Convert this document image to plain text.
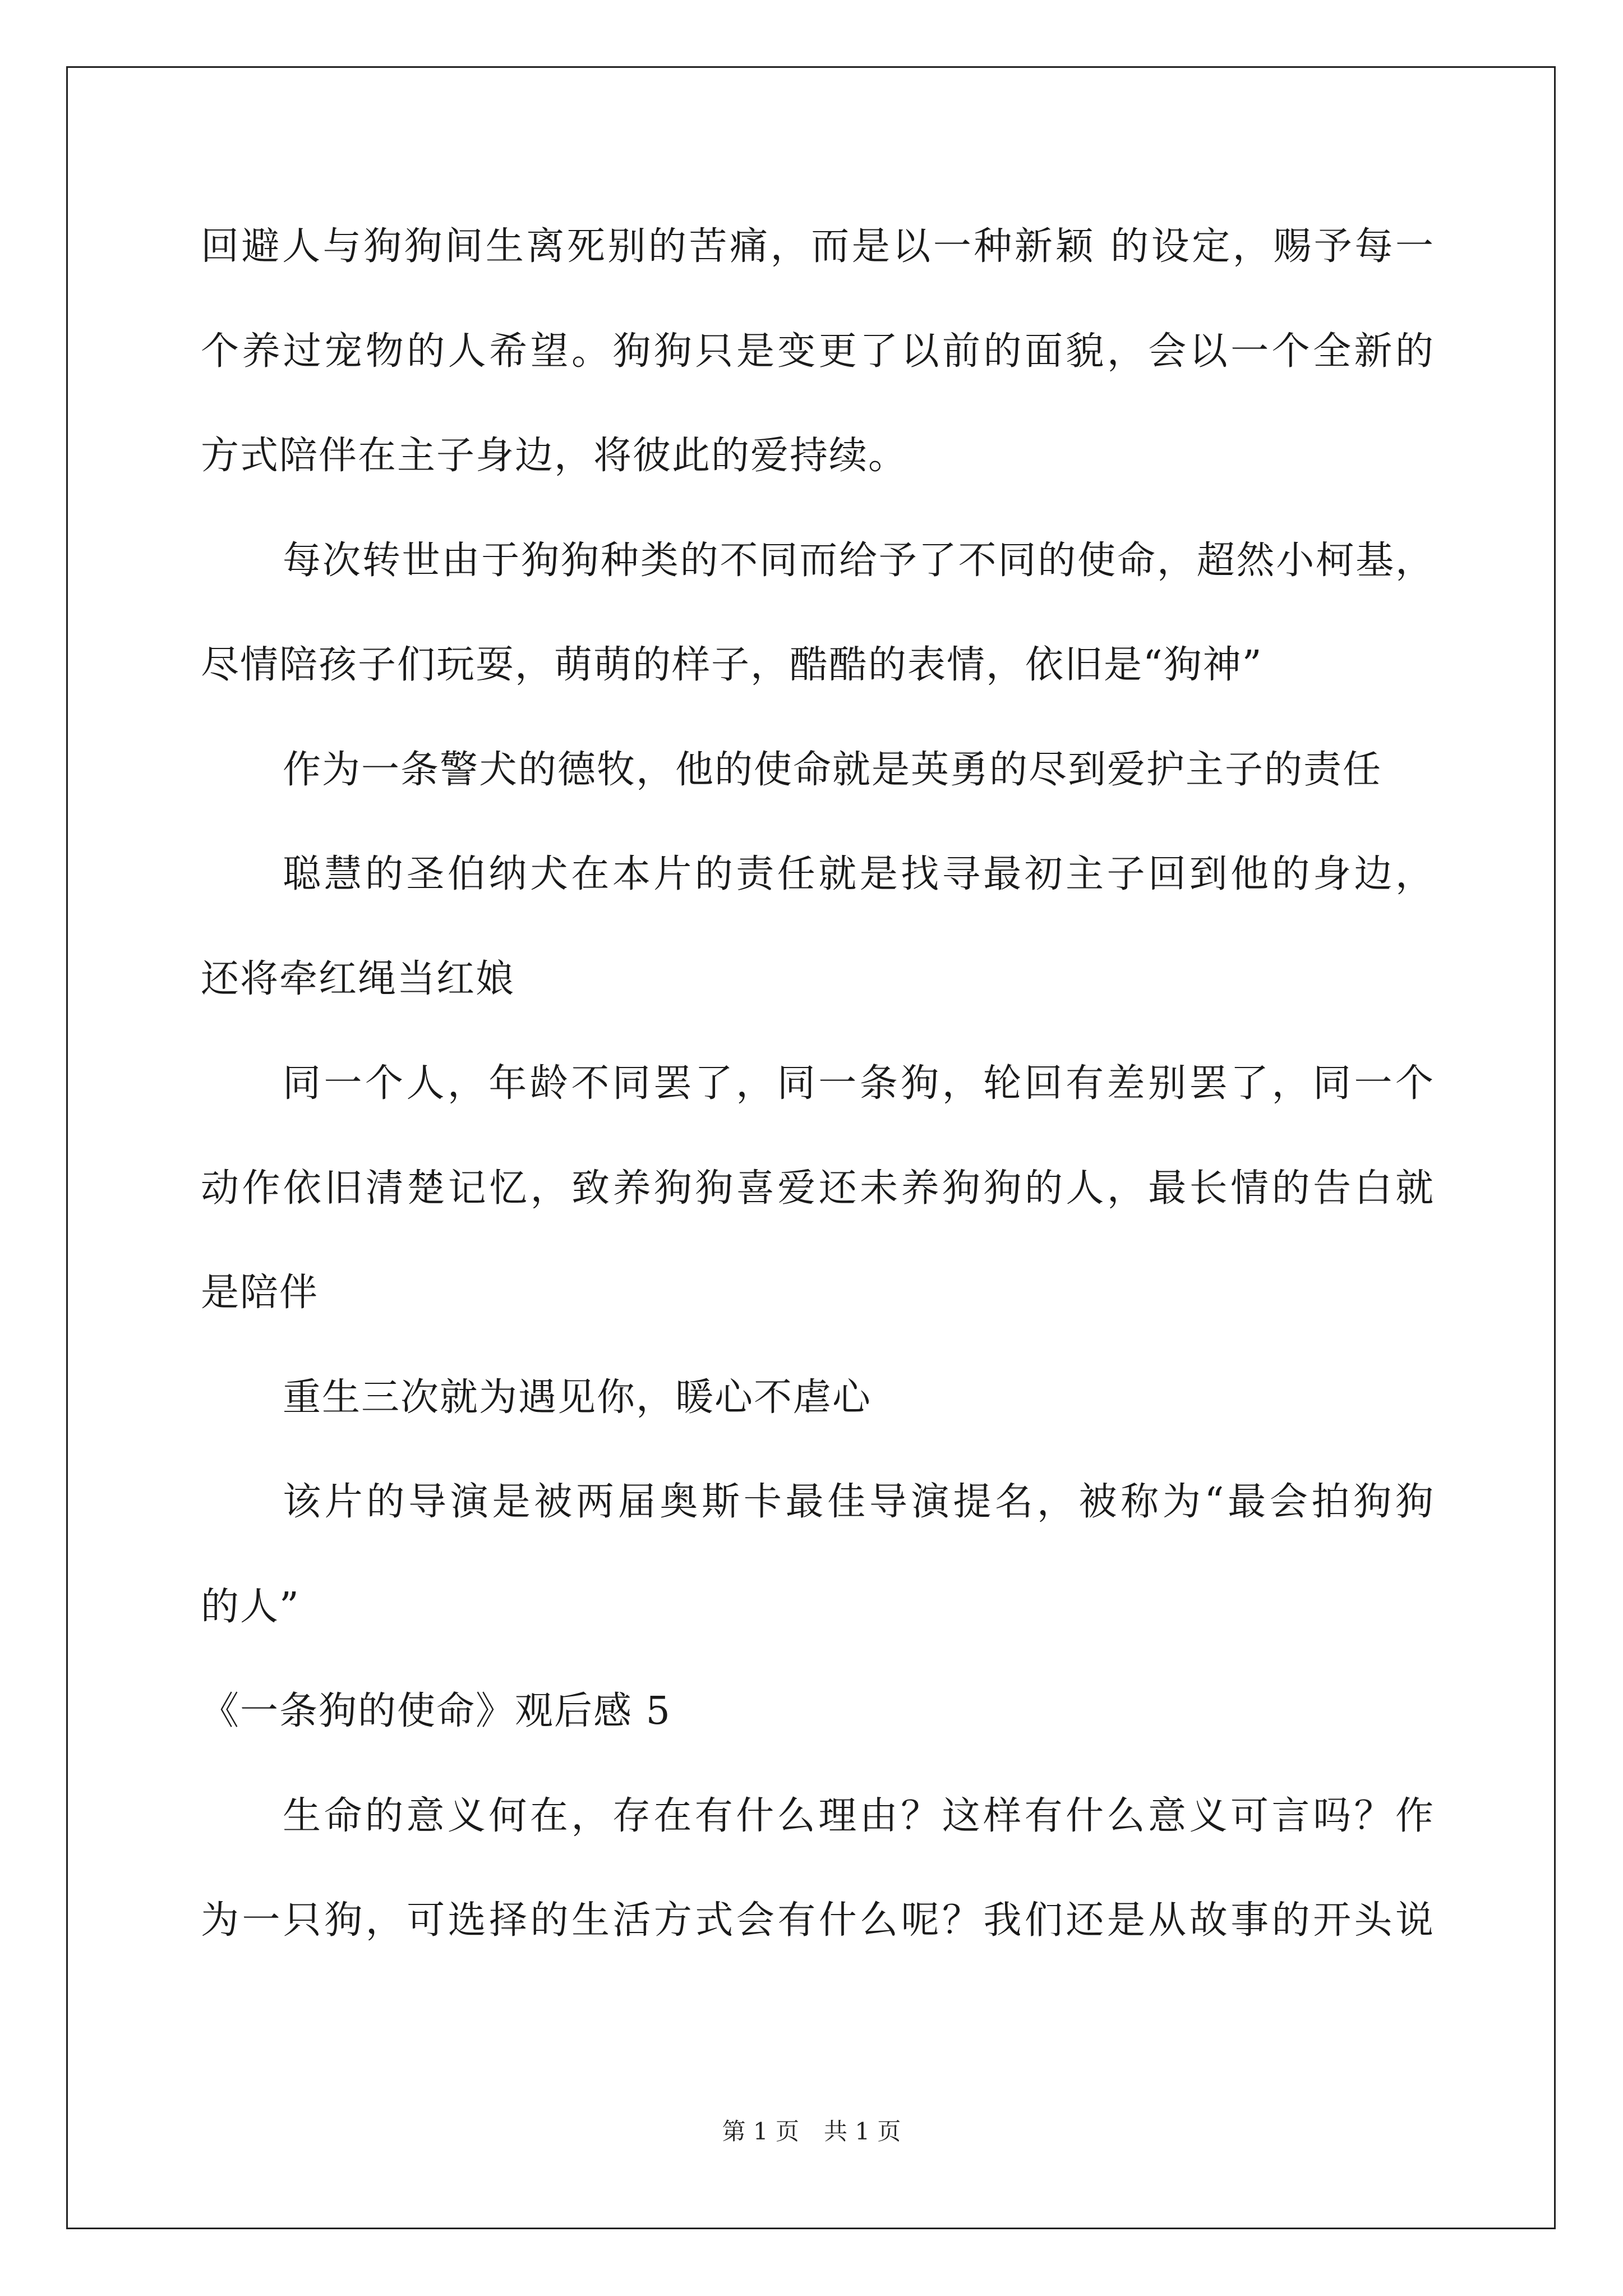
回避人与狗狗间生离死别的苦痛，而是以一种新颖 的设定，赐予每一
个养过宠物的人希望。狗狗只是变更了以前的面貌，会以一个全新的
方式陪伴在主子身边，将彼此的爱持续。
每次转世由于狗狗种类的不同而给予了不同的使命，超然小柯基，
尽情陪孩子们玩耍，萌萌的样子，酷酷的表情，依旧是“狗神”
作为一条警犬的德牧，他的使命就是英勇的尽到爱护主子的责任
聪慧的圣伯纳犬在本片的责任就是找寻最初主子回到他的身边，
还将牵红绳当红娘
同一个人，年龄不同罢了，同一条狗，轮回有差别罢了，同一个
动作依旧清楚记忆，致养狗狗喜爱还未养狗狗的人，最长情的告白就
是陪伴
重生三次就为遇见你，暖心不虐心
该片的导演是被两届奥斯卡最佳导演提名，被称为“最会拍狗狗
的人”
《一条狗的使命》观后感 5
生命的意义何在，存在有什么理由？这样有什么意义可言吗？作
为一只狗，可选择的生活方式会有什么呢？我们还是从故事的开头说
第 1 页 共 1 页
